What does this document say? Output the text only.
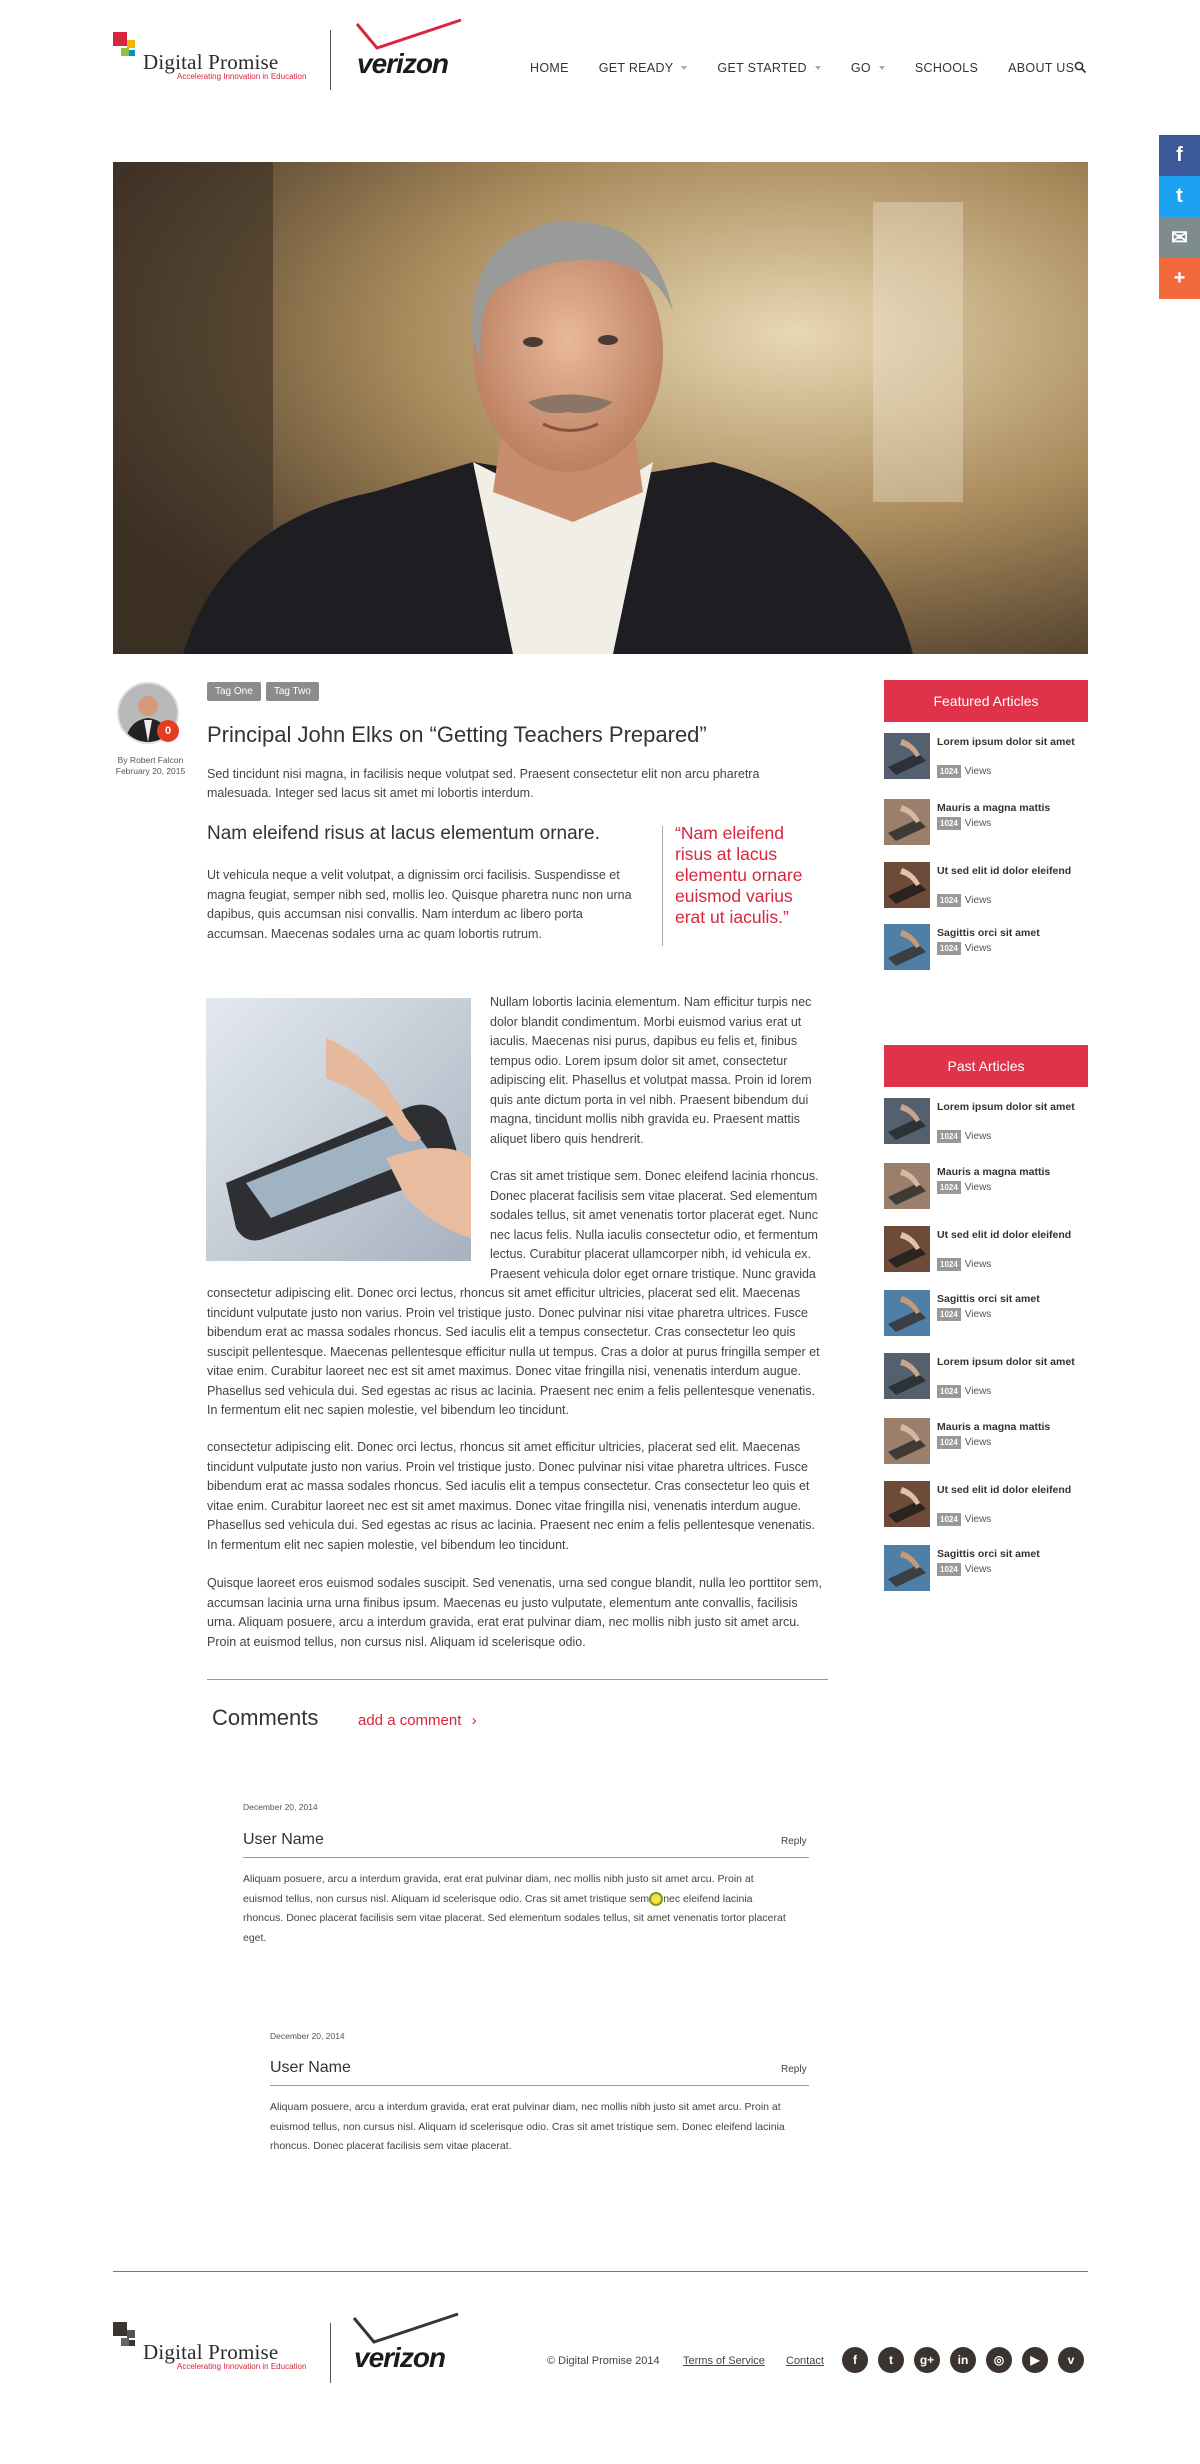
Digital Promise
Accelerating Innovation in Education verizon	HOME GET READY	GET STARTED	GO	SCHOOLS ABOUT US
f
t
✉
+
0
By Robert Falcon
February 20, 2015
Tag One	Tag Two
Principal John Elks on “Getting Teachers Prepared”

Sed tincidunt nisi magna, in facilisis neque volutpat sed. Praesent consectetur elit non arcu pharetra malesuada. Integer sed lacus sit amet mi lobortis interdum.

Nam eleifend risus at lacus elementum ornare.

Ut vehicula neque a velit volutpat, a dignissim orci facilisis. Suspendisse et magna feugiat, semper nibh sed, mollis leo. Quisque pharetra nunc non urna dapibus, quis accumsan nisi convallis. Nam interdum ac libero porta accumsan. Maecenas sodales urna ac quam lobortis rutrum.

“Nam eleifend risus at lacus elementu ornare euismod varius erat ut iaculis.”

Nullam lobortis lacinia elementum. Nam efficitur turpis nec dolor blandit condimentum. Morbi euismod varius erat ut iaculis. Maecenas nisi purus, dapibus eu felis et, finibus tempus odio. Lorem ipsum dolor sit amet, consectetur adipiscing elit. Phasellus et volutpat massa. Proin id lorem quis ante dictum porta in vel nibh. Praesent bibendum dui magna, tincidunt mollis nibh gravida eu. Praesent mattis aliquet libero quis hendrerit.

Cras sit amet tristique sem. Donec eleifend lacinia rhoncus. Donec placerat facilisis sem vitae placerat. Sed elementum sodales tellus, sit amet venenatis tortor placerat eget. Nunc nec lacus felis. Nulla iaculis consectetur odio, et fermentum lectus. Curabitur placerat ullamcorper nibh, id vehicula ex. Praesent vehicula dolor eget ornare tristique. Nunc gravida

consectetur adipiscing elit. Donec orci lectus, rhoncus sit amet efficitur ultricies, placerat sed elit. Maecenas tincidunt vulputate justo non varius. Proin vel tristique justo. Donec pulvinar nisi vitae pharetra ultrices. Fusce bibendum erat ac massa sodales rhoncus. Sed iaculis elit a tempus consectetur. Cras consectetur leo quis suscipit pellentesque. Maecenas pellentesque efficitur nulla ut tempus. Cras a dolor at purus fringilla semper et vitae enim. Curabitur laoreet nec est sit amet maximus. Donec vitae fringilla nisi, venenatis interdum augue. Phasellus sed vehicula dui. Sed egestas ac risus ac lacinia. Praesent nec enim a felis pellentesque venenatis. In fermentum elit nec sapien molestie, vel bibendum leo tincidunt.

consectetur adipiscing elit. Donec orci lectus, rhoncus sit amet efficitur ultricies, placerat sed elit. Maecenas tincidunt vulputate justo non varius. Proin vel tristique justo. Donec pulvinar nisi vitae pharetra ultrices. Fusce bibendum erat ac massa sodales rhoncus. Sed iaculis elit a tempus consectetur. Cras consectetur leo quis et vitae enim. Curabitur laoreet nec est sit amet maximus. Donec vitae fringilla nisi, venenatis interdum augue. Phasellus sed vehicula dui. Sed egestas ac risus ac lacinia. Praesent nec enim a felis pellentesque venenatis. In fermentum elit nec sapien molestie, vel bibendum leo tincidunt.

Quisque laoreet eros euismod sodales suscipit. Sed venenatis, urna sed congue blandit, nulla leo porttitor sem, accumsan lacinia urna urna finibus ipsum. Maecenas eu justo vulputate, elementum ante convallis, facilisis urna. Aliquam posuere, arcu a interdum gravida, erat erat pulvinar diam, nec mollis nibh justo sit amet arcu. Proin at euismod tellus, non cursus nisl. Aliquam id scelerisque odio.

Comments	add a comment ›
December 20, 2014
User Name	Reply
Aliquam posuere, arcu a interdum gravida, erat erat pulvinar diam, nec mollis nibh justo sit amet arcu. Proin at euismod tellus, non cursus nisl. Aliquam id scelerisque odio. Cras sit amet tristique sem nec eleifend lacinia rhoncus. Donec placerat facilisis sem vitae placerat. Sed elementum sodales tellus, sit amet venenatis tortor placerat eget.
December 20, 2014
User Name	Reply
Aliquam posuere, arcu a interdum gravida, erat erat pulvinar diam, nec mollis nibh justo sit amet arcu. Proin at euismod tellus, non cursus nisl. Aliquam id scelerisque odio. Cras sit amet tristique sem. Donec eleifend lacinia rhoncus. Donec placerat facilisis sem vitae placerat.
Featured Articles
Lorem ipsum dolor sit amet
1024 Views
Mauris a magna mattis
1024 Views
Ut sed elit id dolor eleifend
1024 Views
Sagittis orci sit amet
1024 Views
Past Articles
Lorem ipsum dolor sit amet
1024 Views
Mauris a magna mattis
1024 Views
Ut sed elit id dolor eleifend
1024 Views
Sagittis orci sit amet
1024 Views
Lorem ipsum dolor sit amet
1024 Views
Mauris a magna mattis
1024 Views
Ut sed elit id dolor eleifend
1024 Views
Sagittis orci sit amet
1024 Views
Digital Promise
Accelerating Innovation in Education verizon	© Digital Promise 2014 Terms of Service Contact	f	t	g+	in	◎	▶	v
